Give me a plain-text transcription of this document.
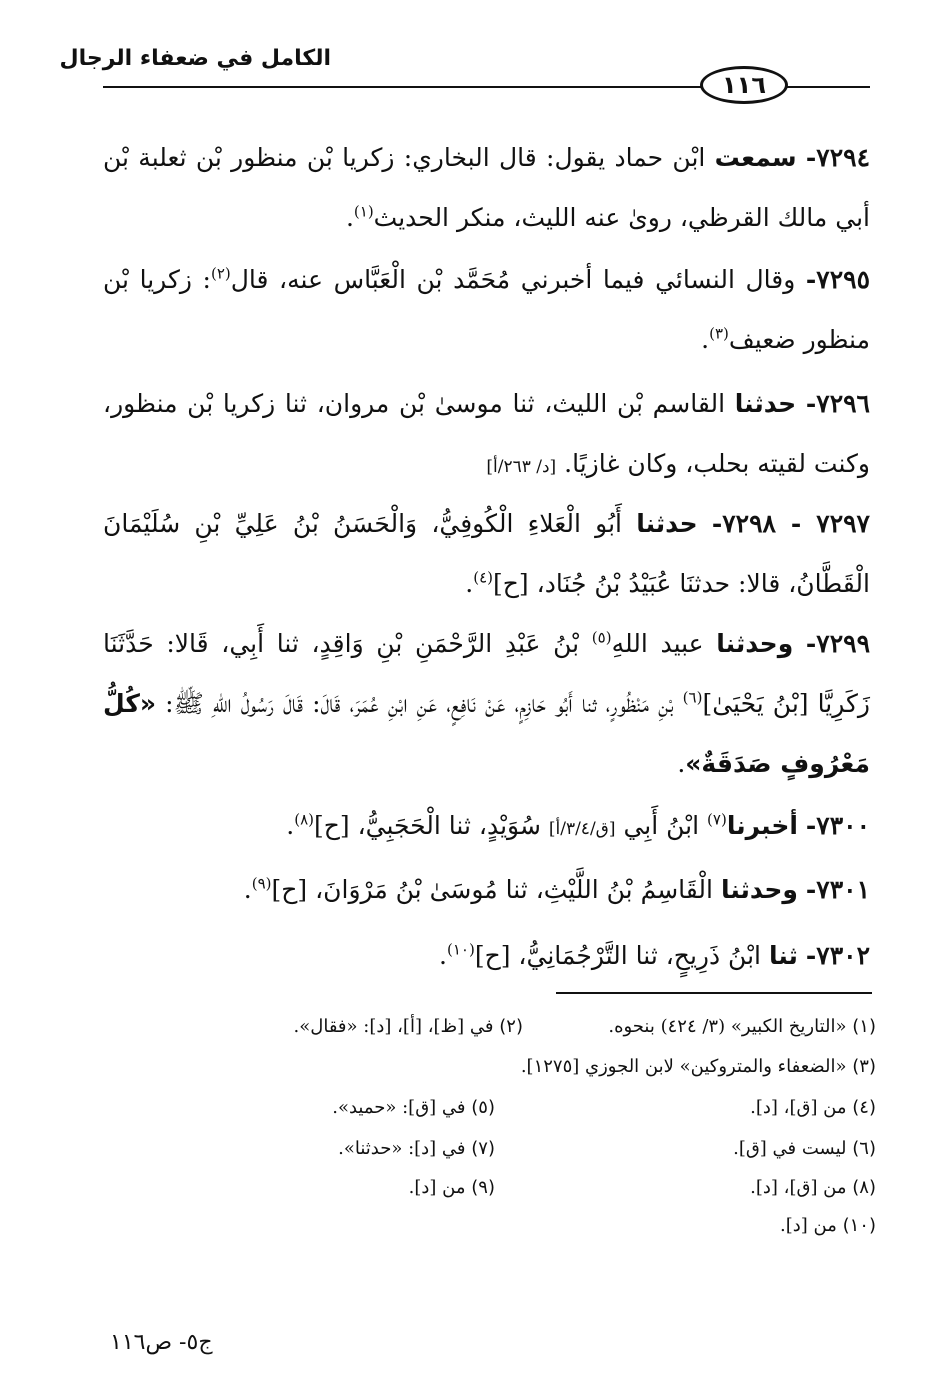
الكامل في ضعفاء الرجال
١١٦
٧٢٩٤- سمعت ابْن حماد يقول: قال البخاري: زكريا بْن منظور بْن ثعلبة بْن أبي مالك القرظي، روىٰ عنه الليث، منكر الحديث$^{(١)}$.
٧٢٩٥- وقال النسائي فيما أخبرني مُحَمَّد بْن الْعَبَّاس عنه، قال$^{(٢)}$: زكريا بْن منظور ضعيف$^{(٣)}$.
٧٢٩٦- حدثنا القاسم بْن الليث، ثنا موسىٰ بْن مروان، ثنا زكريا بْن منظور، وكنت لقيته بحلب، وكان غازيًا. [د/ ٢٦٣/أ]
٧٢٩٧ - ٧٢٩٨- حدثنا أَبُو الْعَلاءِ الْكُوفِيُّ، وَالْحَسَنُ بْنُ عَلِيِّ بْنِ سُلَيْمَانَ الْقَطَّانُ، قالا: حدثنَا عُبَيْدُ بْنُ جُنَاد، [ح]$^{(٤)}$.
٧٢٩٩- وحدثنا عبيد اللهِ$^{(٥)}$ بْنُ عَبْدِ الرَّحْمَنِ بْنِ وَاقِدٍ، ثنا أَبِي، قَالا: حَدَّثَنَا زَكَرِيَّا [بْنُ يَحْيَىٰ]$^{(٦)}$ بْنِ مَنْظُورٍ، ثنا أَبُو حَازِمٍ، عَنْ نَافِعٍ، عَنِ ابْنِ عُمَرَ، قَالَ: قَالَ رَسُولُ اللهِ ﷺ: «كُلُّ مَعْرُوفٍ صَدَقَةٌ».
٧٣٠٠- أخبرنا$^{(٧)}$ ابْنُ أَبِي [ق/٣/٤/أ] سُوَيْدٍ، ثنا الْحَجَبِيُّ، [ح]$^{(٨)}$.
٧٣٠١- وحدثنا الْقَاسِمُ بْنُ اللَّيْثِ، ثنا مُوسَىٰ بْنُ مَرْوَانَ، [ح]$^{(٩)}$.
٧٣٠٢- ثنا ابْنُ ذَرِيحٍ، ثنا التَّرْجُمَانِيُّ، [ح]$^{(١٠)}$.
(١) «التاريخ الكبير» (٣/ ٤٢٤) بنحوه.
(٢) في [ظ]، [أ]، [د]: «فقال».
(٣) «الضعفاء والمتروكين» لابن الجوزي [١٢٧٥].
(٤) من [ق]، [د].
(٥) في [ق]: «حميد».
(٦) ليست في [ق].
(٧) في [د]: «حدثنا».
(٨) من [ق]، [د].
(٩) من [د].
(١٠) من [د].
ج٥- ص١١٦
